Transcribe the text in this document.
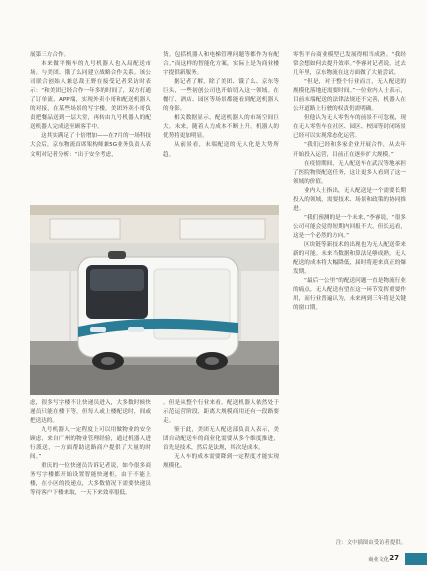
展第三方合作。

本来做平衡车的九号机器人也入局配送市场。与美团、饿了么同建立战略合作关系。该公司联合创始人兼总裁王野在接受记者采访时表示：“和美团已经合作一年多的时间了，双方打通了订单流、APP端，实现外卖小哥和配送机器人的对接，在某些场景的写字楼，美团外卖小哥负责把餐品送到一层大堂，再转由九号机器人的配送机器人完成送至顾客手中。

这其实满足了十倍增加——在7月的一场科技大会后，京东物流首席架构师兼5G业务负责人表文明对记者分析：“出于安全考虑，

货。包括机器人和电梯管理问题等都作为有配合。”而这样的智能化方案，实际上是为商业楼宇提供新服务。

据记者了解，除了美团、饿了么、京东等巨头，一些初创公司也开始切入这一领域。在餐厅、酒店、园区等场景都能看到配送机器人的身影。

相关数据显示，配送机器人的市场空间巨大。未来，随着人力成本不断上升，机器人的优势将更加明显。

从前景看，末端配送的无人化是大势所趋。

虑，很多写字楼不让快递员进入，大多数时候快递员只能在楼下等，但每人或上楼配送时，间或把送达的。

九号机器人一定程度上可以用做物业的安全顾虑，来自广州的物业管理经验，通过机器人进行派送，一方面帮助送路商户提供了大量的时间。”

重庆的一位快递员告诉记者说，如今很多商务写字楼都开始设置智能快递柜，由于不能上楼，在小区的投递点，大多数情况下需要快递员等待客户下楼来取，一天下来效率很低。

。但是从整个行业来看，配送机器人依然处于示范运营阶段，距离大规模商用还有一段路要走。

鉴于此，美团无人配送部负责人表示，美团自动配送车的商业化需要从多个维度推进，首先是技术，然后是法规，其次是成本。

无人车的成本需要降到一定程度才能实现规模化。

零售平台商业模型已发展得相当成熟。“我经常会想如何去提升效率。”李睿对记者说，过去几年里，京东物流在这方面做了大量尝试。

“但是，对于整个行业而言，无人配送的规模化落地还需要时间。”一位业内人士表示，目前末端配送的法律法规还不完善，机器人在公开道路上行驶的权责仍需明确。

但他认为无人零售车的前景不可忽视，现在无人零售车在社区、园区、校园等封闭场景已经可以实现常态化运营。

“我们已经和多家企业开展合作，从去年开始投入运营，目前正在逐步扩大规模。”

在疫情期间，无人配送车在武汉等地承担了医院物资配送任务，这让更多人看到了这一领域的价值。

业内人士指出，无人配送是一个需要长期投入的领域，需要技术、场景和政策的协同推进。

“我们预测的是一个未来，”李睿说，“很多公司可能会觉得短期内回报不大，但长远看，这是一个必然的方向。”

区块链等新技术的出现也为无人配送带来新的可能。未来当数据和算法足够成熟，无人配送的成本将大幅降低，届时将迎来真正的爆发期。

“最后一公里”的配送问题一直是物流行业的痛点，无人配送有望在这一环节发挥重要作用，而行业普遍认为，未来两到三年将是关键的窗口期。

注：文中插图由受访者提供。
商业文化 27
